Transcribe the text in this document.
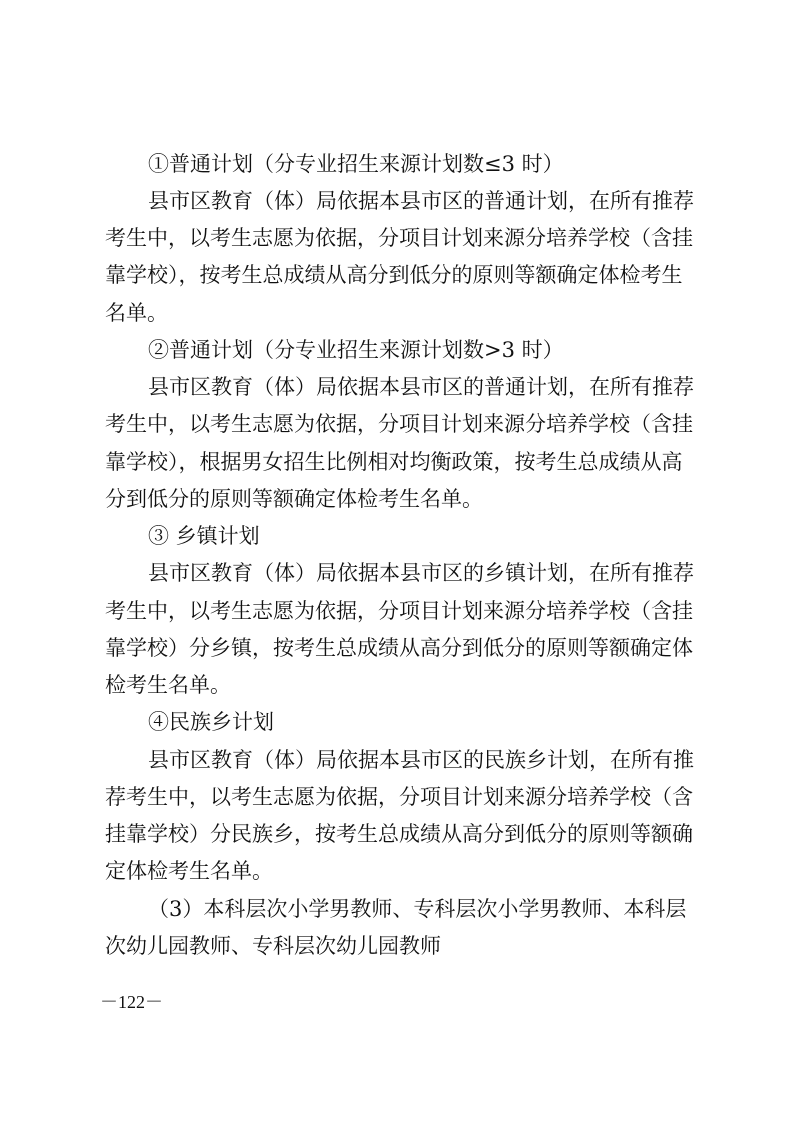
①普通计划（分专业招生来源计划数≤3 时）

县市区教育（体）局依据本县市区的普通计划，在所有推荐

考生中，以考生志愿为依据，分项目计划来源分培养学校（含挂

靠学校），按考生总成绩从高分到低分的原则等额确定体检考生

名单。

②普通计划（分专业招生来源计划数>3 时）

县市区教育（体）局依据本县市区的普通计划，在所有推荐

考生中，以考生志愿为依据，分项目计划来源分培养学校（含挂

靠学校），根据男女招生比例相对均衡政策，按考生总成绩从高

分到低分的原则等额确定体检考生名单。

③ 乡镇计划

县市区教育（体）局依据本县市区的乡镇计划，在所有推荐

考生中，以考生志愿为依据，分项目计划来源分培养学校（含挂

靠学校）分乡镇，按考生总成绩从高分到低分的原则等额确定体

检考生名单。

④民族乡计划

县市区教育（体）局依据本县市区的民族乡计划，在所有推

荐考生中，以考生志愿为依据，分项目计划来源分培养学校（含

挂靠学校）分民族乡，按考生总成绩从高分到低分的原则等额确

定体检考生名单。

（3）本科层次小学男教师、专科层次小学男教师、本科层

次幼儿园教师、专科层次幼儿园教师

－122－
